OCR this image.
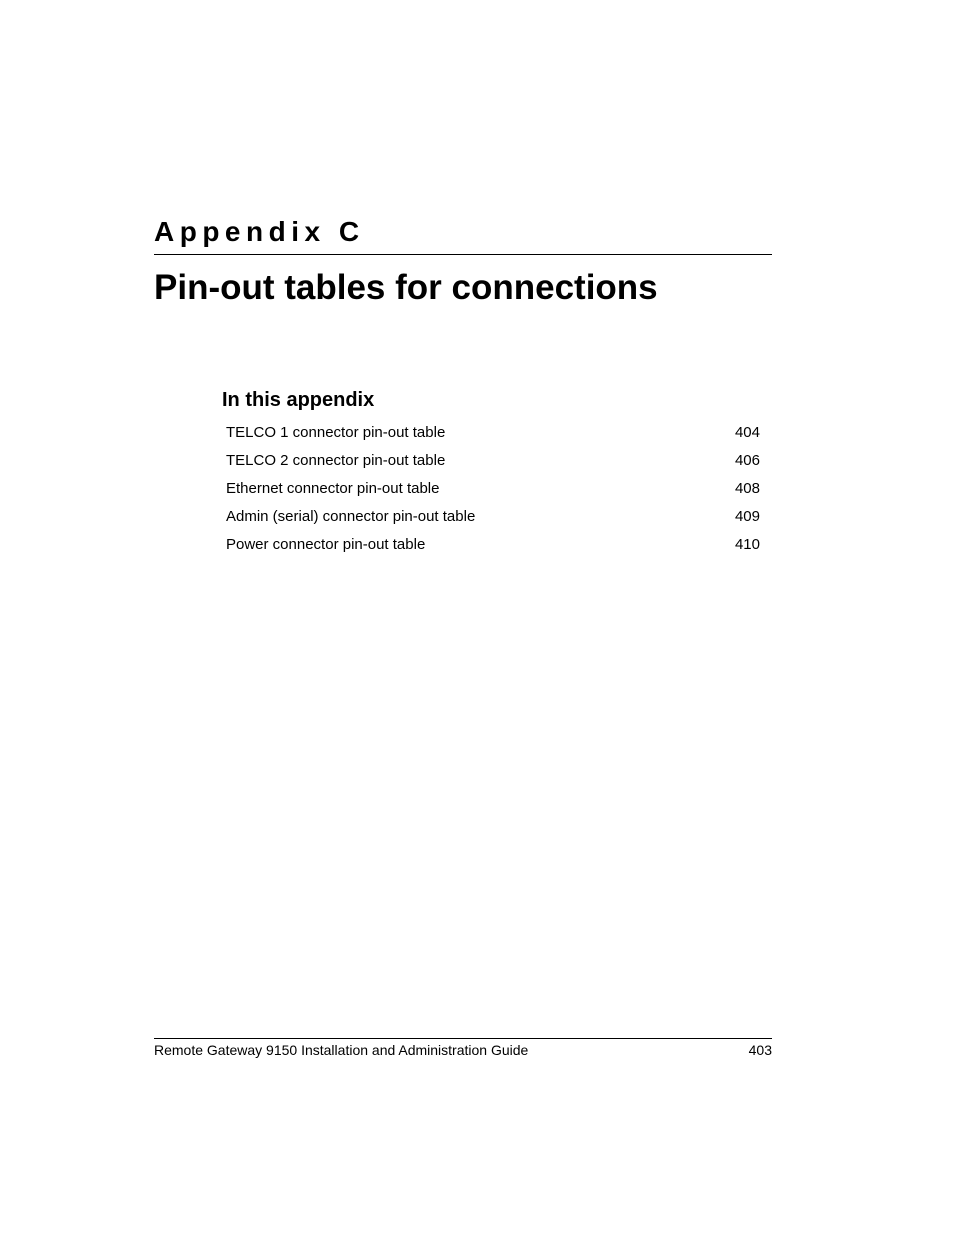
Appendix C
Pin-out tables for connections
In this appendix
TELCO 1 connector pin-out table	404
TELCO 2 connector pin-out table	406
Ethernet connector pin-out table	408
Admin (serial) connector pin-out table	409
Power connector pin-out table	410
Remote Gateway 9150 Installation and Administration Guide	403
